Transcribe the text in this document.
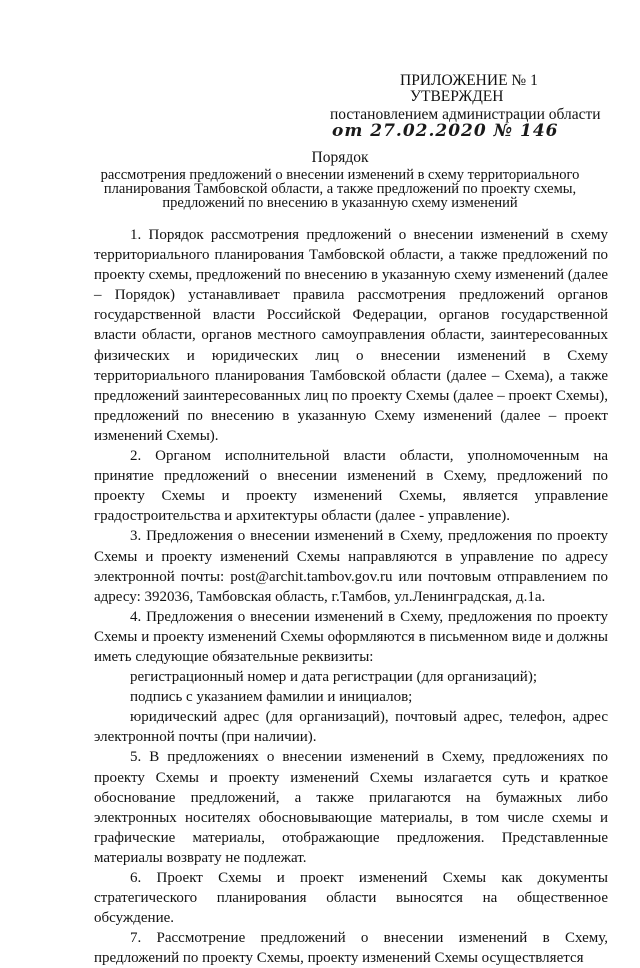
ПРИЛОЖЕНИЕ № 1
УТВЕРЖДЕН
постановлением администрации области
от 27.02.2020 № 146
Порядок
рассмотрения предложений о внесении изменений в схему территориального планирования Тамбовской области, а также предложений по проекту схемы, предложений по внесению в указанную схему изменений

1. Порядок рассмотрения предложений о внесении изменений в схему территориального планирования Тамбовской области, а также предложений по проекту схемы, предложений по внесению в указанную схему изменений (далее – Порядок) устанавливает правила рассмотрения предложений органов государственной власти Российской Федерации, органов государственной власти области, органов местного самоуправления области, заинтересованных физических и юридических лиц о внесении изменений в Схему территориального планирования Тамбовской области (далее – Схема), а также предложений заинтересованных лиц по проекту Схемы (далее – проект Схемы), предложений по внесению в указанную Схему изменений (далее – проект изменений Схемы).

2. Органом исполнительной власти области, уполномоченным на принятие предложений о внесении изменений в Схему, предложений по проекту Схемы и проекту изменений Схемы, является управление градостроительства и архитектуры области (далее - управление).

3. Предложения о внесении изменений в Схему, предложения по проекту Схемы и проекту изменений Схемы направляются в управление по адресу электронной почты: post@archit.tambov.gov.ru или почтовым отправлением по адресу: 392036, Тамбовская область, г.Тамбов, ул.Ленинградская, д.1а.

4. Предложения о внесении изменений в Схему, предложения по проекту Схемы и проекту изменений Схемы оформляются в письменном виде и должны иметь следующие обязательные реквизиты:

регистрационный номер и дата регистрации (для организаций);

подпись с указанием фамилии и инициалов;

юридический адрес (для организаций), почтовый адрес, телефон, адрес электронной почты (при наличии).

5. В предложениях о внесении изменений в Схему, предложениях по проекту Схемы и проекту изменений Схемы излагается суть и краткое обоснование предложений, а также прилагаются на бумажных либо электронных носителях обосновывающие материалы, в том числе схемы и графические материалы, отображающие предложения. Представленные материалы возврату не подлежат.

6. Проект Схемы и проект изменений Схемы как документы стратегического планирования области выносятся на общественное обсуждение.

7. Рассмотрение предложений о внесении изменений в Схему, предложений по проекту Схемы, проекту изменений Схемы осуществляется
